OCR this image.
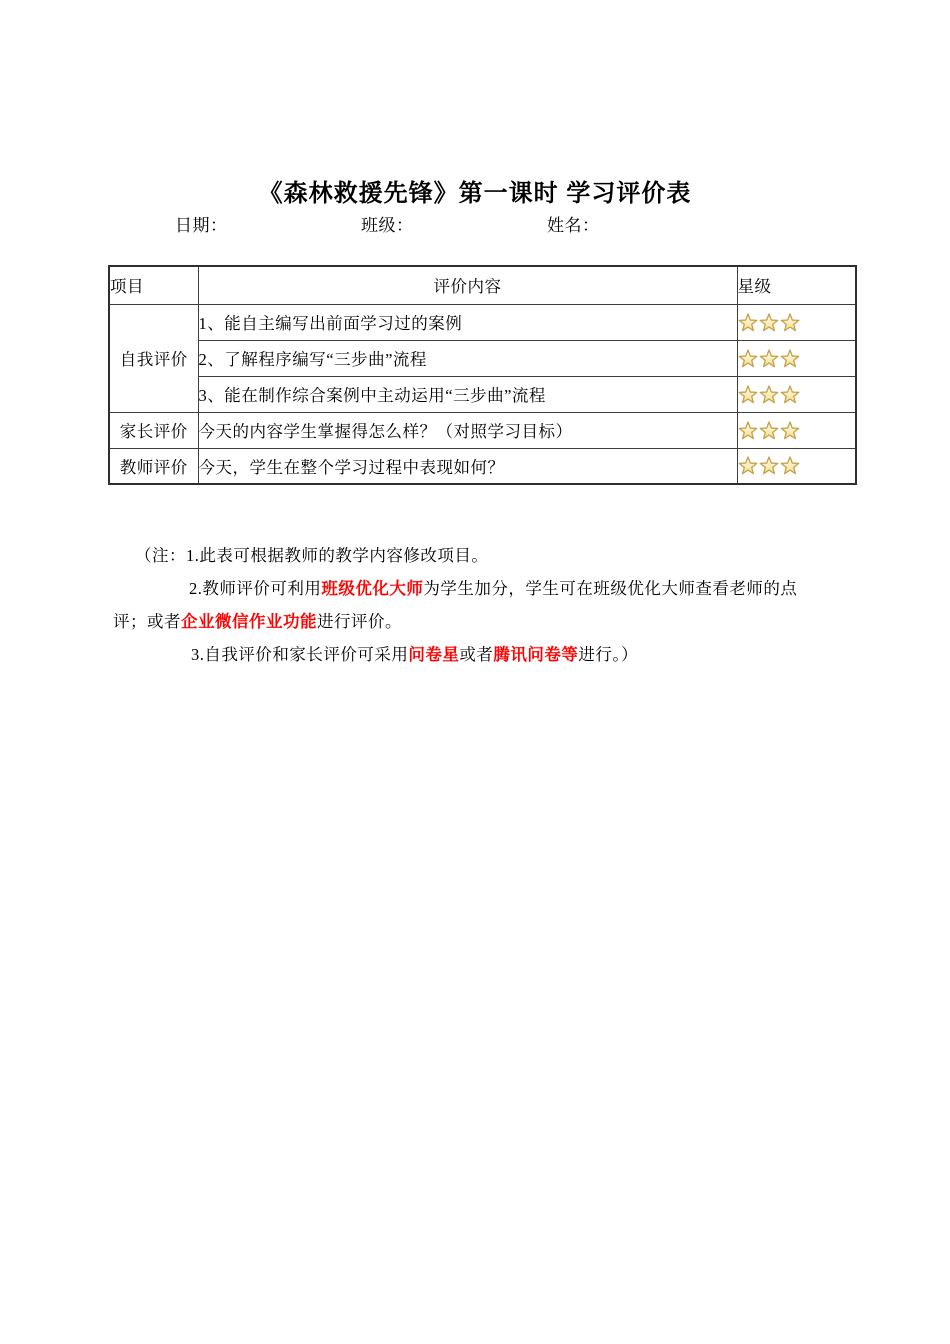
《森林救援先锋》第一课时 学习评价表
日期：	班级：	姓名：
项目	评价内容	星级
自我评价	1、能自主编写出前面学习过的案例	

	2、了解程序编写“三步曲”流程	

	3、能在制作综合案例中主动运用“三步曲”流程	

家长评价	今天的内容学生掌握得怎么样？（对照学习目标）	

教师评价	今天，学生在整个学习过程中表现如何？	
（注：1.此表可根据教师的教学内容修改项目。
2.教师评价可利用班级优化大师为学生加分，学生可在班级优化大师查看老师的点
评；或者企业微信作业功能进行评价。
3.自我评价和家长评价可采用问卷星或者腾讯问卷等进行。）
